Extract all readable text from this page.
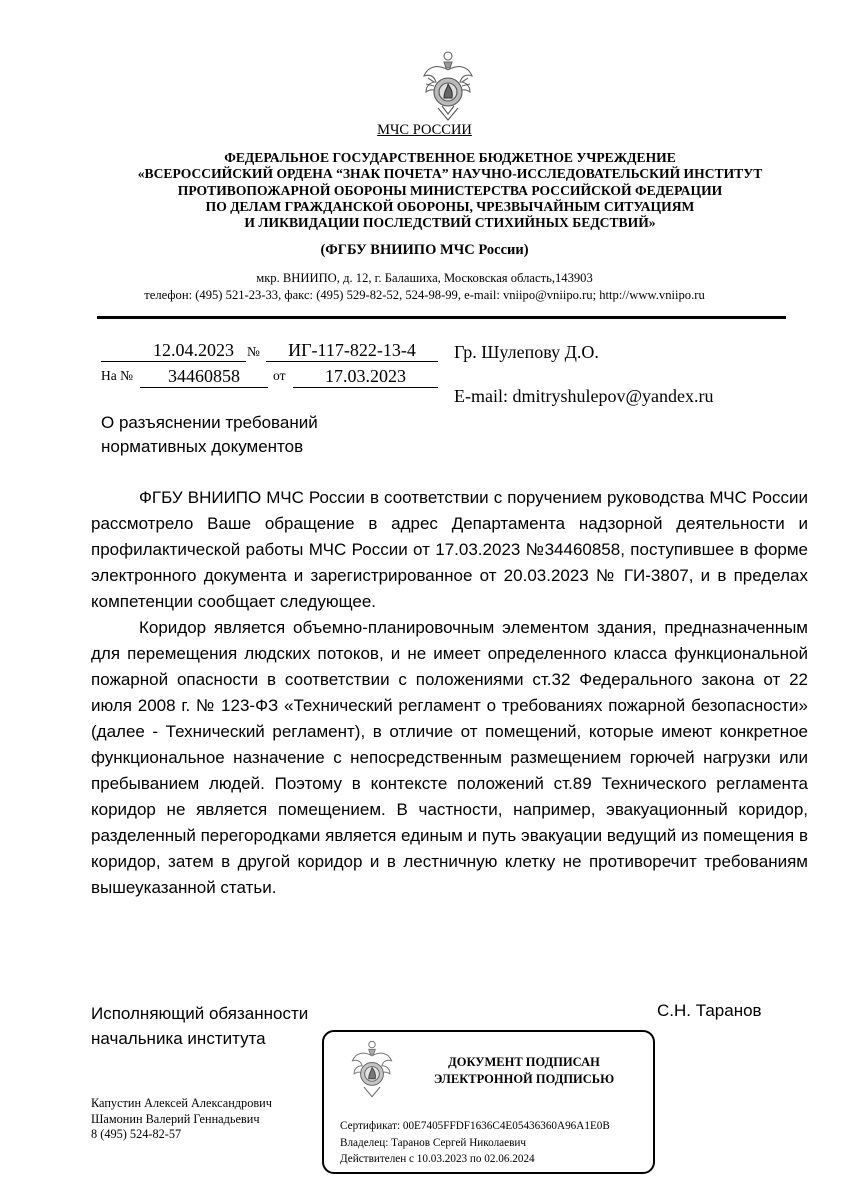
МЧС РОССИИ
ФЕДЕРАЛЬНОЕ ГОСУДАРСТВЕННОЕ БЮДЖЕТНОЕ УЧРЕЖДЕНИЕ
«ВСЕРОССИЙСКИЙ ОРДЕНА “ЗНАК ПОЧЕТА” НАУЧНО-ИССЛЕДОВАТЕЛЬСКИЙ ИНСТИТУТ
ПРОТИВОПОЖАРНОЙ ОБОРОНЫ МИНИСТЕРСТВА РОССИЙСКОЙ ФЕДЕРАЦИИ
ПО ДЕЛАМ ГРАЖДАНСКОЙ ОБОРОНЫ, ЧРЕЗВЫЧАЙНЫМ СИТУАЦИЯМ
И ЛИКВИДАЦИИ ПОСЛЕДСТВИЙ СТИХИЙНЫХ БЕДСТВИЙ»
(ФГБУ ВНИИПО МЧС России)
мкр. ВНИИПО, д. 12, г. Балашиха, Московская область,143903
телефон: (495) 521-23-33, факс: (495) 529-82-52, 524-98-99, e-mail: vniipo@vniipo.ru; http://www.vniipo.ru
12.04.2023 №	ИГ-117-822-13-4
На №	34460858	от	17.03.2023
Гр. Шулепову Д.О.
E-mail: dmitryshulepov@yandex.ru
О разъяснении требований
нормативных документов

ФГБУ ВНИИПО МЧС России в соответствии с поручением руководства МЧС России рассмотрело Ваше обращение в адрес Департамента надзорной деятельности и профилактической работы МЧС России от 17.03.2023 №34460858, поступившее в форме электронного документа и зарегистрированное от 20.03.2023 № ГИ-3807, и в пределах компетенции сообщает следующее.

Коридор является объемно-планировочным элементом здания, предназначенным для перемещения людских потоков, и не имеет определенного класса функциональной пожарной опасности в соответствии с положениями ст.32 Федерального закона от 22 июля 2008 г. № 123-ФЗ «Технический регламент о требованиях пожарной безопасности» (далее - Технический регламент), в отличие от помещений, которые имеют конкретное функциональное назначение с непосредственным размещением горючей нагрузки или пребыванием людей. Поэтому в контексте положений ст.89 Технического регламента коридор не является помещением. В частности, например, эвакуационный коридор, разделенный перегородками является единым и путь эвакуации ведущий из помещения в коридор, затем в другой коридор и в лестничную клетку не противоречит требованиям вышеуказанной статьи.

Исполняющий обязанности
начальника института
С.Н. Таранов
Капустин Алексей Александрович
Шамонин Валерий Геннадьевич
8 (495) 524-82-57
ДОКУМЕНТ ПОДПИСАН
ЭЛЕКТРОННОЙ ПОДПИСЬЮ
Сертификат: 00E7405FFDF1636C4E05436360A96A1E0B
Владелец: Таранов Сергей Николаевич
Действителен с 10.03.2023 по 02.06.2024
